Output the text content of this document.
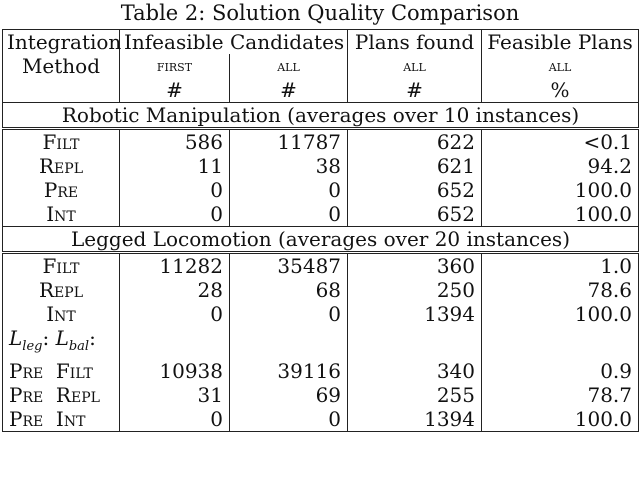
Table 2: Solution Quality Comparison
Integration	Infeasible Candidates		Plans found	Feasible Plans
Method	first	all	all	all
	#	#	#	%
Robotic Manipulation (averages over 10 instances)				
Filt	586	11787	622	<0.1
Repl	11	38	621	94.2
Pre	0	0	652	100.0
Int	0	0	652	100.0
Legged Locomotion (averages over 20 instances)				
Filt	11282	35487	360	1.0
Repl	28	68	250	78.6
Int	0	0	1394	100.0
$L_{leg}$: $L_{bal}$:				
Pre  Filt	10938	39116	340	0.9
Pre  Repl	31	69	255	78.7
Pre  Int	0	0	1394	100.0
